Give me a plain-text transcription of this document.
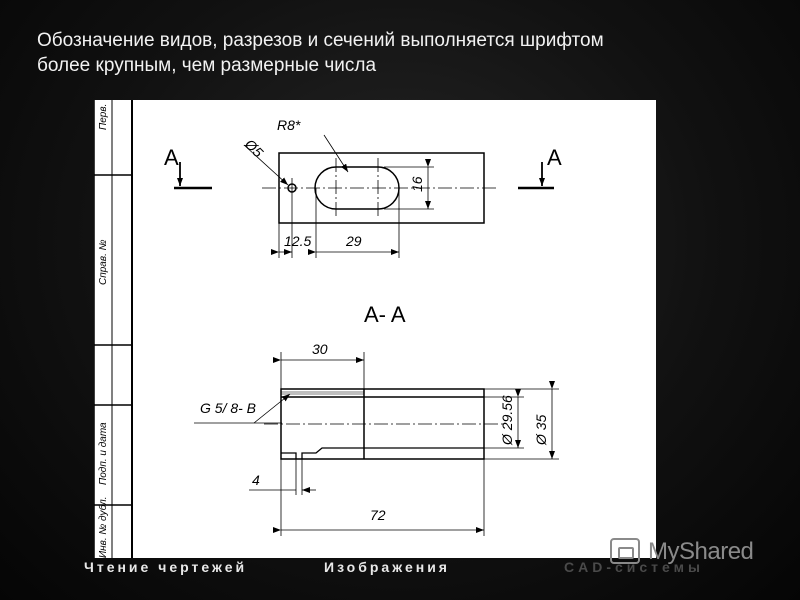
Обозначение видов, разрезов и сечений выполняется шрифтом
более крупным, чем размерные числа
Перв.
Справ. №
Подп. и дата
Инв. № дубл.
R8*
Ø5
16
12.5 29
A	A
A- A
30
G 5/ 8- B	Ø 29.56 Ø 35
4
72
Чтение чертежей	Изображения	CAD-системы
MyShared
